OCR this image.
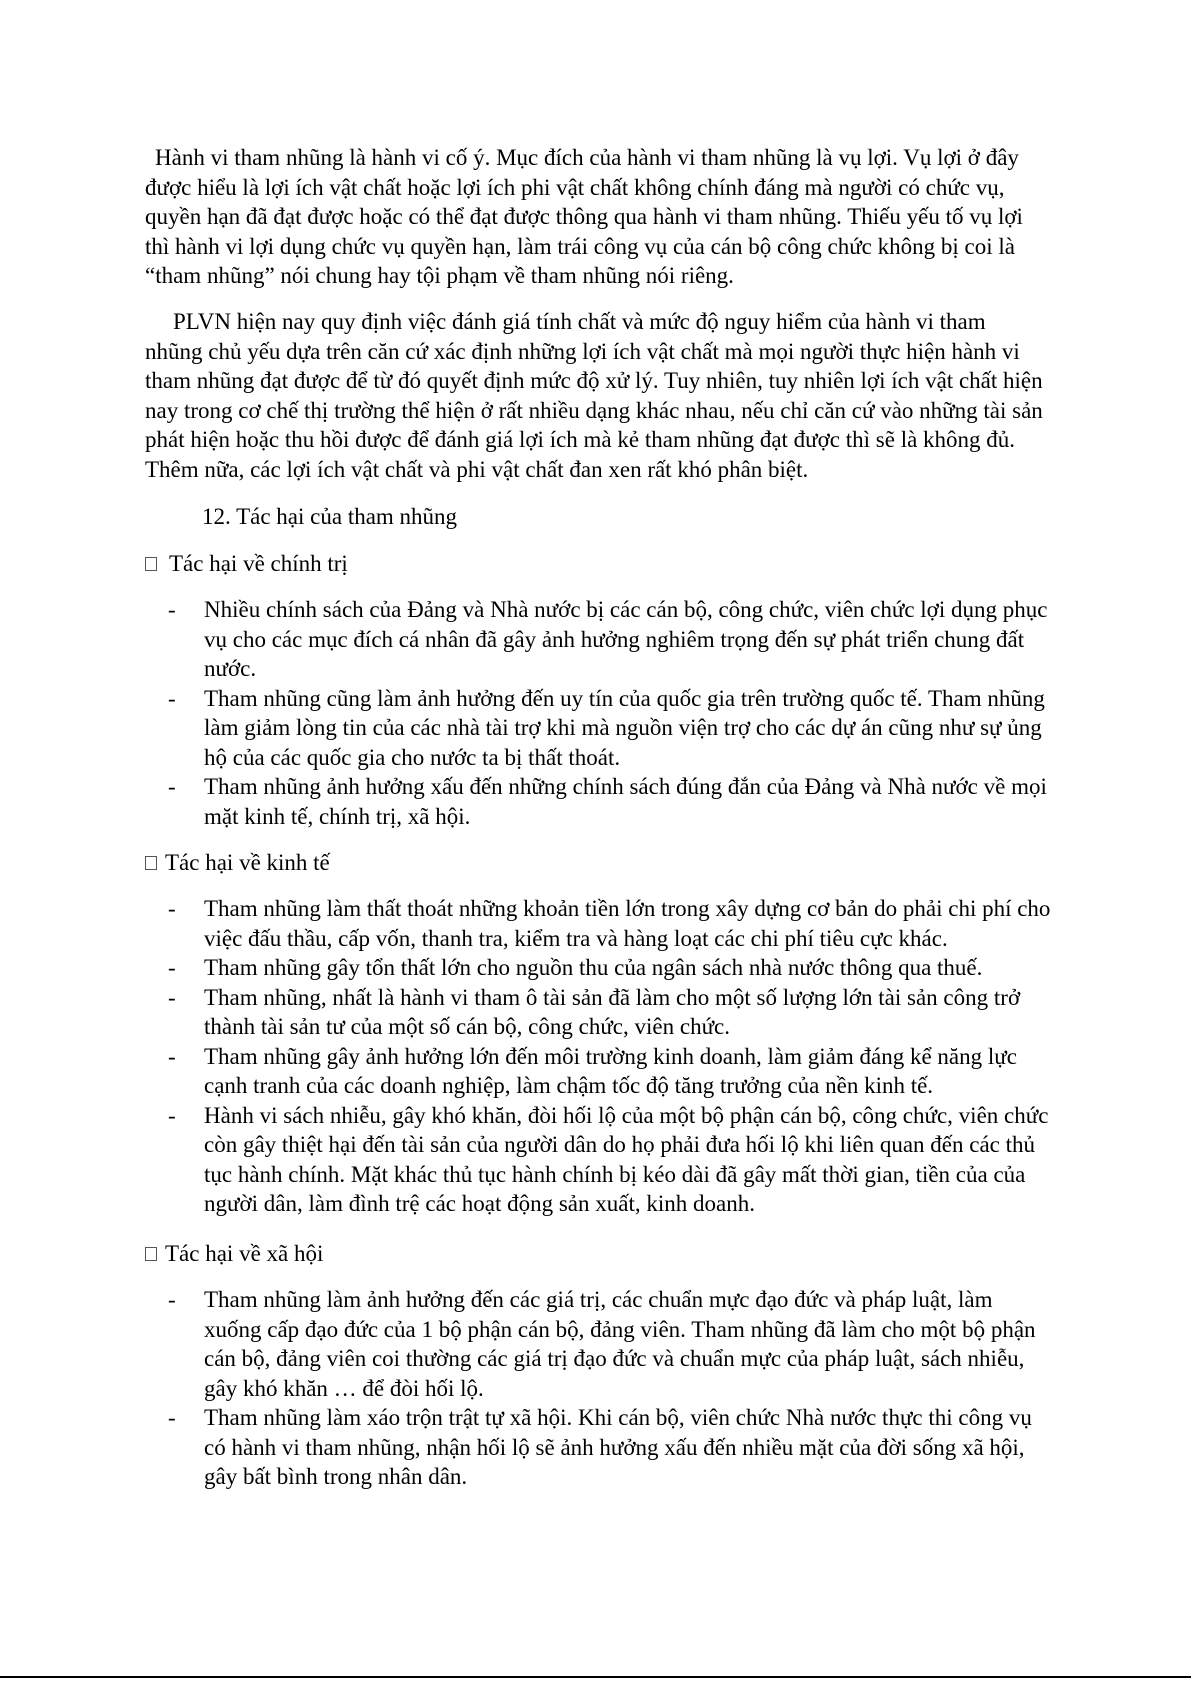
Hành vi tham nhũng là hành vi cố ý. Mục đích của hành vi tham nhũng là vụ lợi. Vụ lợi ở đây được hiểu là lợi ích vật chất hoặc lợi ích phi vật chất không chính đáng mà người có chức vụ, quyền hạn đã đạt được hoặc có thể đạt được thông qua hành vi tham nhũng. Thiếu yếu tố vụ lợi thì hành vi lợi dụng chức vụ quyền hạn, làm trái công vụ của cán bộ công chức không bị coi là “tham nhũng” nói chung hay tội phạm về tham nhũng nói riêng.

PLVN hiện nay quy định việc đánh giá tính chất và mức độ nguy hiểm của hành vi tham nhũng chủ yếu dựa trên căn cứ xác định những lợi ích vật chất mà mọi người thực hiện hành vi tham nhũng đạt được để từ đó quyết định mức độ xử lý. Tuy nhiên, tuy nhiên lợi ích vật chất hiện nay trong cơ chế thị trường thể hiện ở rất nhiều dạng khác nhau, nếu chỉ căn cứ vào những tài sản phát hiện hoặc thu hồi được để đánh giá lợi ích mà kẻ tham nhũng đạt được thì sẽ là không đủ. Thêm nữa, các lợi ích vật chất và phi vật chất đan xen rất khó phân biệt.

12. Tác hại của tham nhũng

Tác hại về chính trị

- Nhiều chính sách của Đảng và Nhà nước bị các cán bộ, công chức, viên chức lợi dụng phục vụ cho các mục đích cá nhân đã gây ảnh hưởng nghiêm trọng đến sự phát triển chung đất nước.
- Tham nhũng cũng làm ảnh hưởng đến uy tín của quốc gia trên trường quốc tế. Tham nhũng làm giảm lòng tin của các nhà tài trợ khi mà nguồn viện trợ cho các dự án cũng như sự ủng hộ của các quốc gia cho nước ta bị thất thoát.
- Tham nhũng ảnh hưởng xấu đến những chính sách đúng đắn của Đảng và Nhà nước về mọi mặt kinh tế, chính trị, xã hội.

Tác hại về kinh tế

- Tham nhũng làm thất thoát những khoản tiền lớn trong xây dựng cơ bản do phải chi phí cho việc đấu thầu, cấp vốn, thanh tra, kiểm tra và hàng loạt các chi phí tiêu cực khác.
- Tham nhũng gây tổn thất lớn cho nguồn thu của ngân sách nhà nước thông qua thuế.
- Tham nhũng, nhất là hành vi tham ô tài sản đã làm cho một số lượng lớn tài sản công trở thành tài sản tư của một số cán bộ, công chức, viên chức.
- Tham nhũng gây ảnh hưởng lớn đến môi trường kinh doanh, làm giảm đáng kể năng lực cạnh tranh của các doanh nghiệp, làm chậm tốc độ tăng trưởng của nền kinh tế.
- Hành vi sách nhiễu, gây khó khăn, đòi hối lộ của một bộ phận cán bộ, công chức, viên chức còn gây thiệt hại đến tài sản của người dân do họ phải đưa hối lộ khi liên quan đến các thủ tục hành chính. Mặt khác thủ tục hành chính bị kéo dài đã gây mất thời gian, tiền của của người dân, làm đình trệ các hoạt động sản xuất, kinh doanh.

Tác hại về xã hội

- Tham nhũng làm ảnh hưởng đến các giá trị, các chuẩn mực đạo đức và pháp luật, làm xuống cấp đạo đức của 1 bộ phận cán bộ, đảng viên. Tham nhũng đã làm cho một bộ phận cán bộ, đảng viên coi thường các giá trị đạo đức và chuẩn mực của pháp luật, sách nhiễu, gây khó khăn … để đòi hối lộ.
- Tham nhũng làm xáo trộn trật tự xã hội. Khi cán bộ, viên chức Nhà nước thực thi công vụ có hành vi tham nhũng, nhận hối lộ sẽ ảnh hưởng xấu đến nhiều mặt của đời sống xã hội, gây bất bình trong nhân dân.
